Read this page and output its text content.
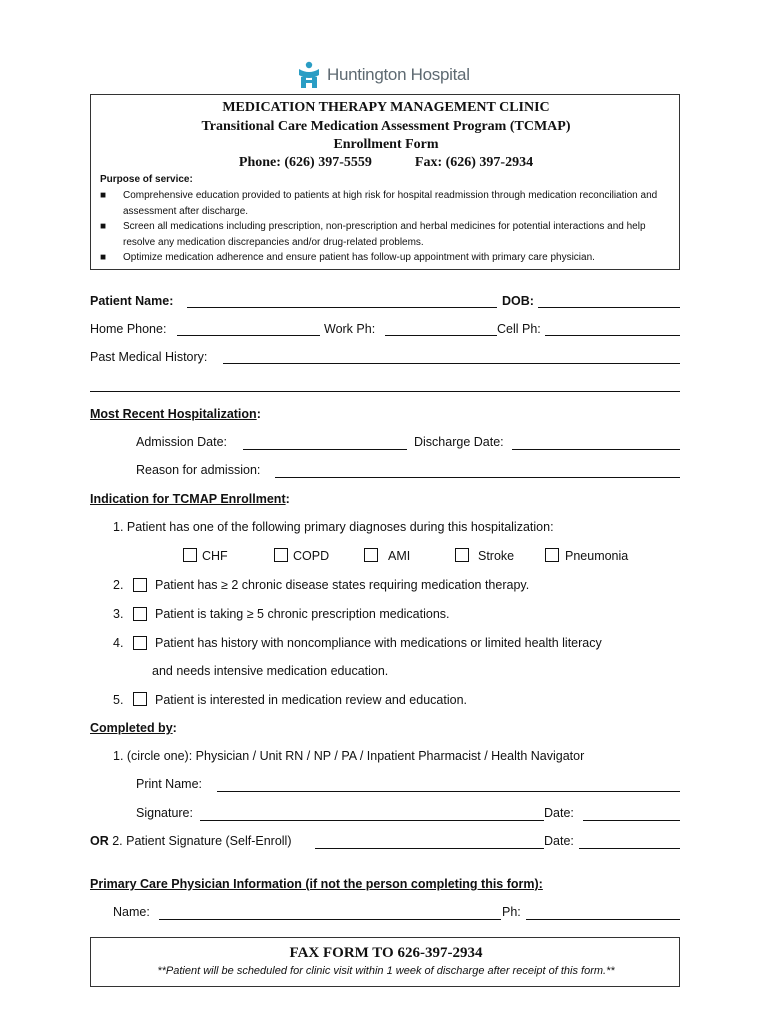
Huntington Hospital
MEDICATION THERAPY MANAGEMENT CLINIC
Transitional Care Medication Assessment Program (TCMAP)
Enrollment Form
Phone: (626) 397-5559	Fax: (626) 397-2934
Purpose of service:
■ Comprehensive education provided to patients at high risk for hospital readmission through medication reconciliation and assessment after discharge.
■ Screen all medications including prescription, non-prescription and herbal medicines for potential interactions and help resolve any medication discrepancies and/or drug-related problems.
■ Optimize medication adherence and ensure patient has follow-up appointment with primary care physician.
Patient Name:	DOB:
Home Phone:	Work Ph:	Cell Ph:
Past Medical History:
Most Recent Hospitalization:
Admission Date:	Discharge Date:
Reason for admission:
Indication for TCMAP Enrollment:
1. Patient has one of the following primary diagnoses during this hospitalization:
CHF	COPD	AMI	Stroke	Pneumonia
2.	Patient has ≥ 2 chronic disease states requiring medication therapy.
3.	Patient is taking ≥ 5 chronic prescription medications.
4.	Patient has history with noncompliance with medications or limited health literacy
and needs intensive medication education.
5.	Patient is interested in medication review and education.
Completed by:
1. (circle one): Physician / Unit RN / NP / PA / Inpatient Pharmacist / Health Navigator
Print Name:
Signature:	Date:
OR 2. Patient Signature (Self-Enroll)	Date:
Primary Care Physician Information (if not the person completing this form):
Name:	Ph:
FAX FORM TO 626-397-2934
**Patient will be scheduled for clinic visit within 1 week of discharge after receipt of this form.**
